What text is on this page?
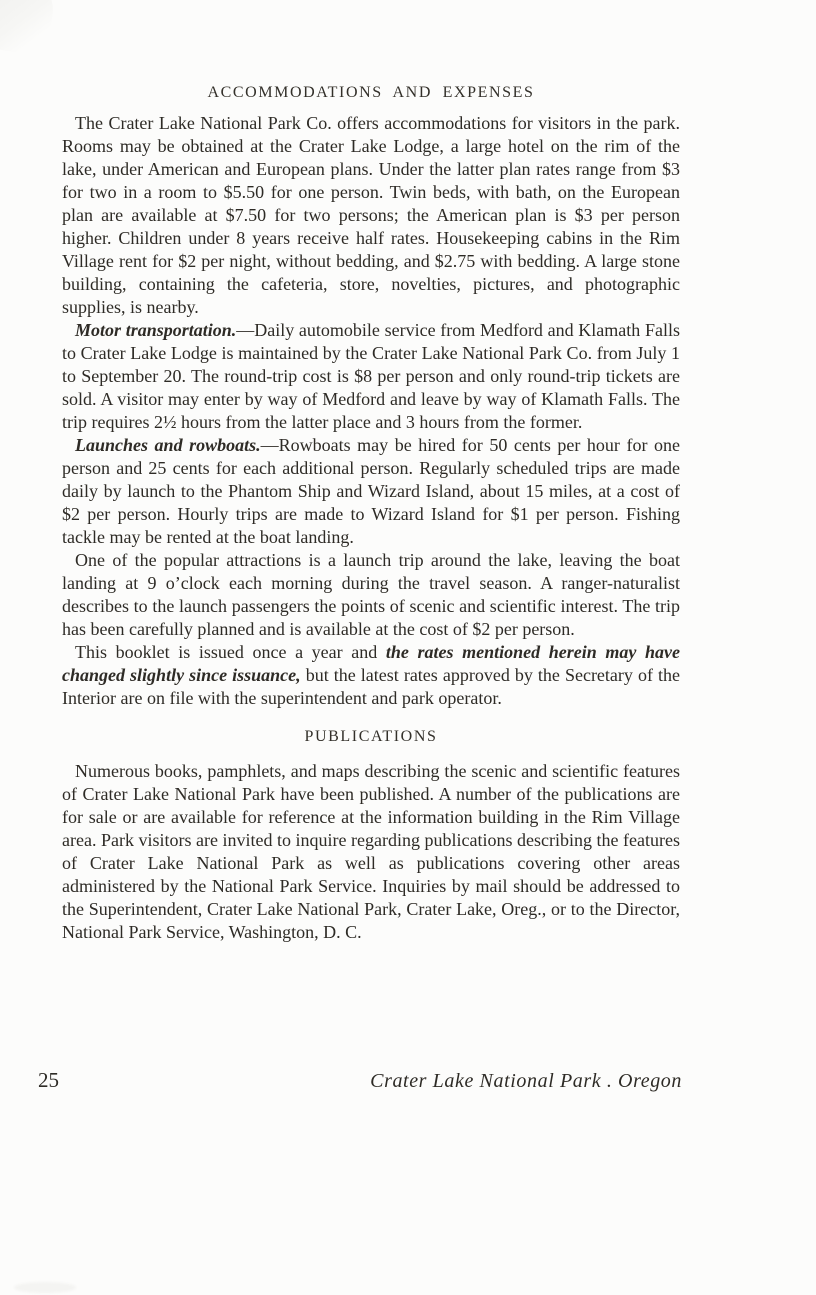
ACCOMMODATIONS AND EXPENSES

The Crater Lake National Park Co. offers accommodations for visitors in the park. Rooms may be obtained at the Crater Lake Lodge, a large hotel on the rim of the lake, under American and European plans. Under the latter plan rates range from $3 for two in a room to $5.50 for one person. Twin beds, with bath, on the European plan are available at $7.50 for two persons; the American plan is $3 per person higher. Children under 8 years receive half rates. Housekeeping cabins in the Rim Village rent for $2 per night, without bedding, and $2.75 with bedding. A large stone building, containing the cafeteria, store, novelties, pictures, and photographic supplies, is nearby.

Motor transportation.—Daily automobile service from Medford and Klamath Falls to Crater Lake Lodge is maintained by the Crater Lake National Park Co. from July 1 to September 20. The round-trip cost is $8 per person and only round-trip tickets are sold. A visitor may enter by way of Medford and leave by way of Klamath Falls. The trip requires 2½ hours from the latter place and 3 hours from the former.

Launches and rowboats.—Rowboats may be hired for 50 cents per hour for one person and 25 cents for each additional person. Regularly scheduled trips are made daily by launch to the Phantom Ship and Wizard Island, about 15 miles, at a cost of $2 per person. Hourly trips are made to Wizard Island for $1 per person. Fishing tackle may be rented at the boat landing.

One of the popular attractions is a launch trip around the lake, leaving the boat landing at 9 o’clock each morning during the travel season. A ranger-naturalist describes to the launch passengers the points of scenic and scientific interest. The trip has been carefully planned and is available at the cost of $2 per person.

This booklet is issued once a year and the rates mentioned herein may have changed slightly since issuance, but the latest rates approved by the Secretary of the Interior are on file with the superintendent and park operator.

PUBLICATIONS

Numerous books, pamphlets, and maps describing the scenic and scientific features of Crater Lake National Park have been published. A number of the publications are for sale or are available for reference at the information building in the Rim Village area. Park visitors are invited to inquire regarding publications describing the features of Crater Lake National Park as well as publications covering other areas administered by the National Park Service. Inquiries by mail should be addressed to the Superintendent, Crater Lake National Park, Crater Lake, Oreg., or to the Director, National Park Service, Washington, D. C.

25	Crater Lake National Park . Oregon
